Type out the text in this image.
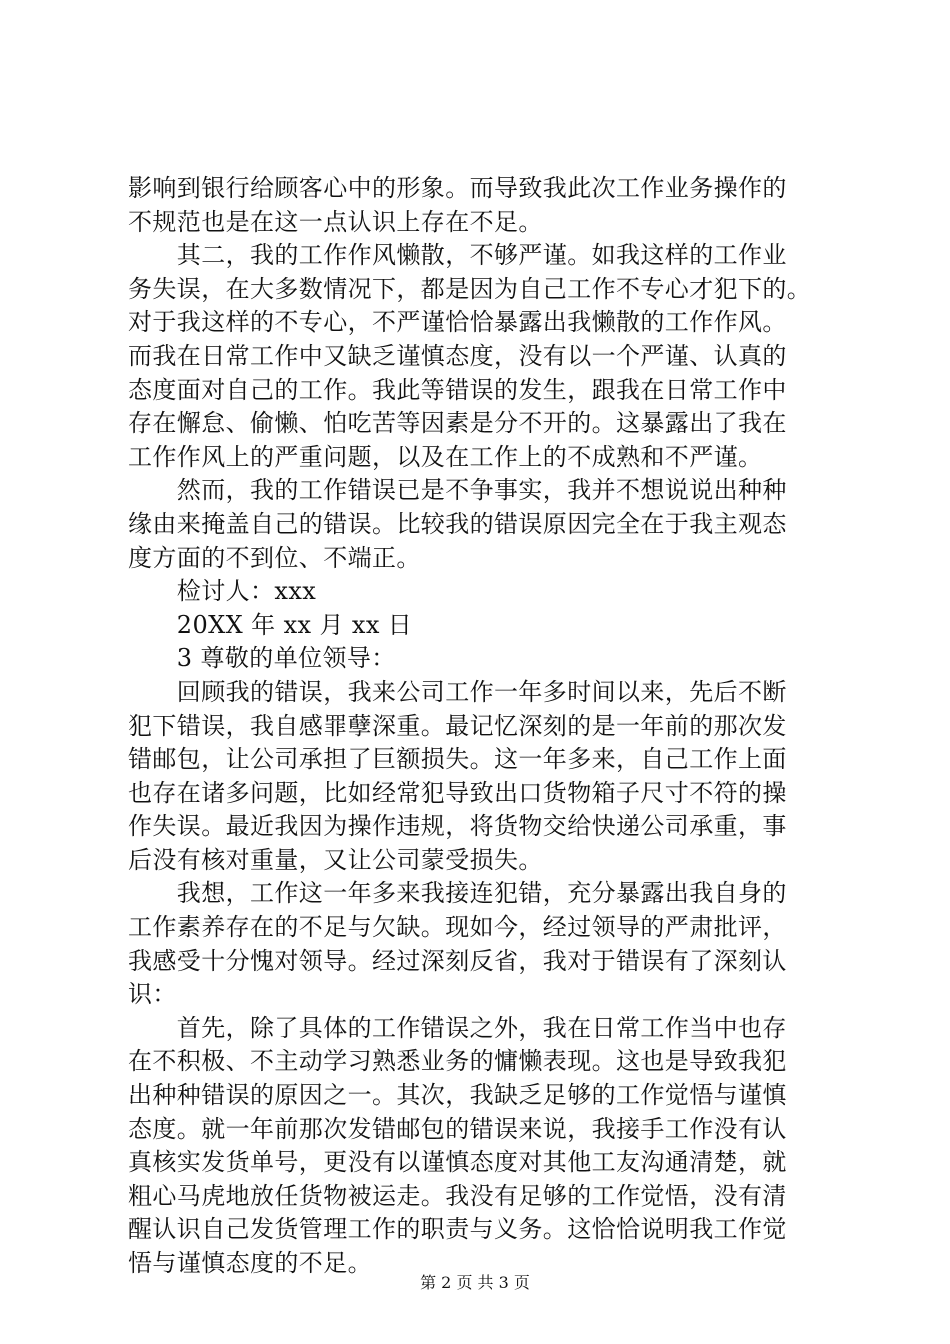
影响到银行给顾客心中的形象。而导致我此次工作业务操作的
不规范也是在这一点认识上存在不足。
　　其二，我的工作作风懒散，不够严谨。如我这样的工作业
务失误，在大多数情况下，都是因为自己工作不专心才犯下的。
对于我这样的不专心，不严谨恰恰暴露出我懒散的工作作风。
而我在日常工作中又缺乏谨慎态度，没有以一个严谨、认真的
态度面对自己的工作。我此等错误的发生，跟我在日常工作中
存在懈怠、偷懒、怕吃苦等因素是分不开的。这暴露出了我在
工作作风上的严重问题，以及在工作上的不成熟和不严谨。
　　然而，我的工作错误已是不争事实，我并不想说说出种种
缘由来掩盖自己的错误。比较我的错误原因完全在于我主观态
度方面的不到位、不端正。
　　检讨人：xxx
　　20XX 年 xx 月 xx 日
　　3 尊敬的单位领导：
　　回顾我的错误，我来公司工作一年多时间以来，先后不断
犯下错误，我自感罪孽深重。最记忆深刻的是一年前的那次发
错邮包，让公司承担了巨额损失。这一年多来，自己工作上面
也存在诸多问题，比如经常犯导致出口货物箱子尺寸不符的操
作失误。最近我因为操作违规，将货物交给快递公司承重，事
后没有核对重量，又让公司蒙受损失。
　　我想，工作这一年多来我接连犯错，充分暴露出我自身的
工作素养存在的不足与欠缺。现如今，经过领导的严肃批评，
我感受十分愧对领导。经过深刻反省，我对于错误有了深刻认
识：
　　首先，除了具体的工作错误之外，我在日常工作当中也存
在不积极、不主动学习熟悉业务的慵懒表现。这也是导致我犯
出种种错误的原因之一。其次，我缺乏足够的工作觉悟与谨慎
态度。就一年前那次发错邮包的错误来说，我接手工作没有认
真核实发货单号，更没有以谨慎态度对其他工友沟通清楚，就
粗心马虎地放任货物被运走。我没有足够的工作觉悟，没有清
醒认识自己发货管理工作的职责与义务。这恰恰说明我工作觉
悟与谨慎态度的不足。
第 2 页 共 3 页
